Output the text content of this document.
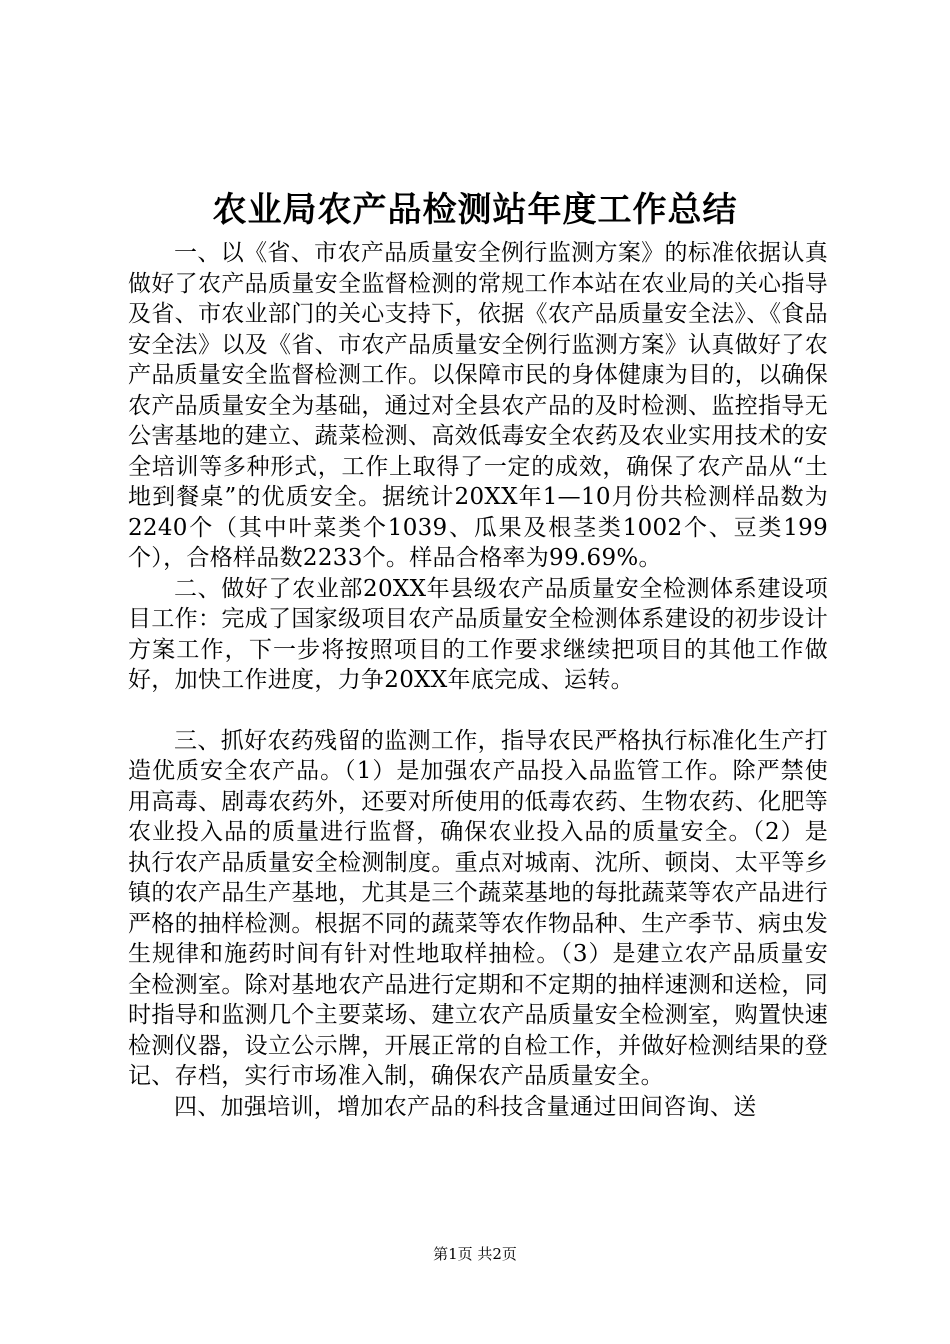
农业局农产品检测站年度工作总结

一、以《省、市农产品质量安全例行监测方案》的标准依据认真做好了农产品质量安全监督检测的常规工作本站在农业局的关心指导及省、市农业部门的关心支持下，依据《农产品质量安全法》、《食品安全法》以及《省、市农产品质量安全例行监测方案》认真做好了农产品质量安全监督检测工作。以保障市民的身体健康为目的，以确保农产品质量安全为基础，通过对全县农产品的及时检测、监控指导无公害基地的建立、蔬菜检测、高效低毒安全农药及农业实用技术的安全培训等多种形式，工作上取得了一定的成效，确保了农产品从“土地到餐桌”的优质安全。据统计20XX年1—10月份共检测样品数为2240个（其中叶菜类个1039、瓜果及根茎类1002个、豆类199个），合格样品数2233个。样品合格率为99.69%。

二、做好了农业部20XX年县级农产品质量安全检测体系建设项目工作：完成了国家级项目农产品质量安全检测体系建设的初步设计方案工作，下一步将按照项目的工作要求继续把项目的其他工作做好，加快工作进度，力争20XX年底完成、运转。

三、抓好农药残留的监测工作，指导农民严格执行标准化生产打造优质安全农产品。（1）是加强农产品投入品监管工作。除严禁使用高毒、剧毒农药外，还要对所使用的低毒农药、生物农药、化肥等农业投入品的质量进行监督，确保农业投入品的质量安全。（2）是执行农产品质量安全检测制度。重点对城南、沈所、顿岗、太平等乡镇的农产品生产基地，尤其是三个蔬菜基地的每批蔬菜等农产品进行严格的抽样检测。根据不同的蔬菜等农作物品种、生产季节、病虫发生规律和施药时间有针对性地取样抽检。（3）是建立农产品质量安全检测室。除对基地农产品进行定期和不定期的抽样速测和送检，同时指导和监测几个主要菜场、建立农产品质量安全检测室，购置快速检测仪器，设立公示牌，开展正常的自检工作，并做好检测结果的登记、存档，实行市场准入制，确保农产品质量安全。

四、加强培训，增加农产品的科技含量通过田间咨询、送

第1页 共2页
